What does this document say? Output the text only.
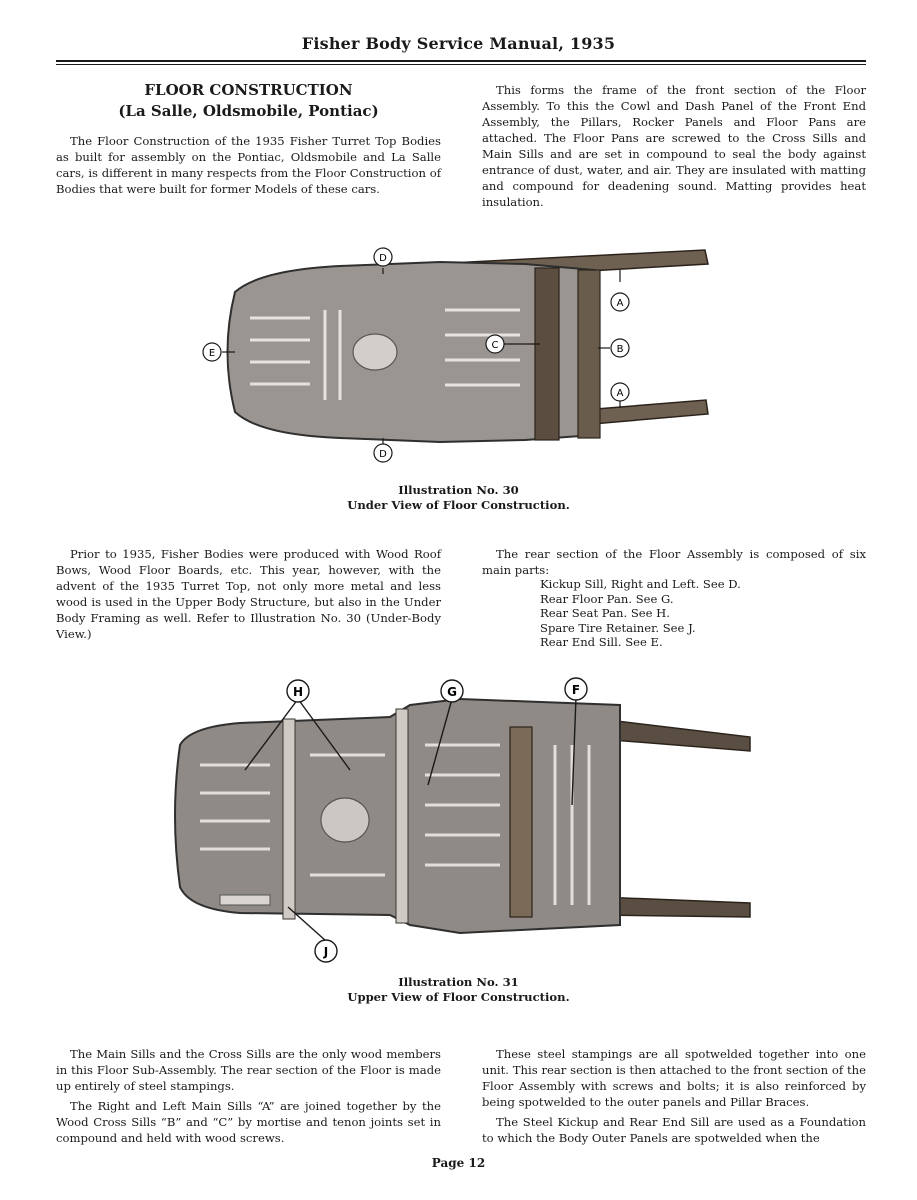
Fisher Body Service Manual, 1935
FLOOR CONSTRUCTION
(La Salle, Oldsmobile, Pontiac)

The Floor Construction of the 1935 Fisher Turret Top Bodies as built for assembly on the Pontiac, Oldsmobile and La Salle cars, is different in many respects from the Floor Construction of Bodies that were built for former Models of these cars.

This forms the frame of the front section of the Floor Assembly. To this the Cowl and Dash Panel of the Front End Assembly, the Pillars, Rocker Panels and Floor Pans are attached. The Floor Pans are screwed to the Cross Sills and Main Sills and are set in compound to seal the body against entrance of dust, water, and air. They are insulated with matting and compound for deadening sound. Matting provides heat insulation.

D
D
E
A
B
A
C
Illustration No. 30
Under View of Floor Construction.

Prior to 1935, Fisher Bodies were produced with Wood Roof Bows, Wood Floor Boards, etc. This year, however, with the advent of the 1935 Turret Top, not only more metal and less wood is used in the Upper Body Structure, but also in the Under Body Framing as well. Refer to Illustration No. 30 (Under-Body View.)

The rear section of the Floor Assembly is composed of six main parts:

Kickup Sill, Right and Left. See D.
Rear Floor Pan. See G.
Rear Seat Pan. See H.
Spare Tire Retainer. See J.
Rear End Sill. See E.
H	G	F
J
Illustration No. 31
Upper View of Floor Construction.

The Main Sills and the Cross Sills are the only wood members in this Floor Sub-Assembly. The rear section of the Floor is made up entirely of steel stampings.

The Right and Left Main Sills “A” are joined together by the Wood Cross Sills “B” and “C” by mortise and tenon joints set in compound and held with wood screws.

These steel stampings are all spotwelded together into one unit. This rear section is then attached to the front section of the Floor Assembly with screws and bolts; it is also reinforced by being spotwelded to the outer panels and Pillar Braces.

The Steel Kickup and Rear End Sill are used as a Foundation to which the Body Outer Panels are spotwelded when the

Page 12
